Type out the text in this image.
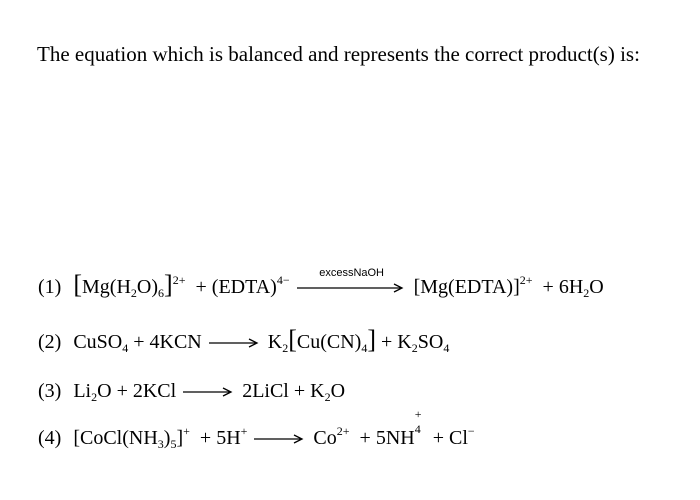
The equation which is balanced and represents the correct product(s) is:

(1) $[Mg(H_2O)_6]^{2+}$ + (EDTA)$^{4-}$	excessNaOH
[Mg(EDTA)]$^{2+}$ + $6H_2O$
(2) CuSO$_4$ + $4KCN \to K_2[Cu(CN)_4] + K_2SO_4$
(3) $Li_2O + 2KCl$ → 2LiCl + $K_2O$
(4) $[CoCl(NH_3)_5]^+ + 5H^+ \to Co^{2+} + 5NH$
+
4 + Cl−
